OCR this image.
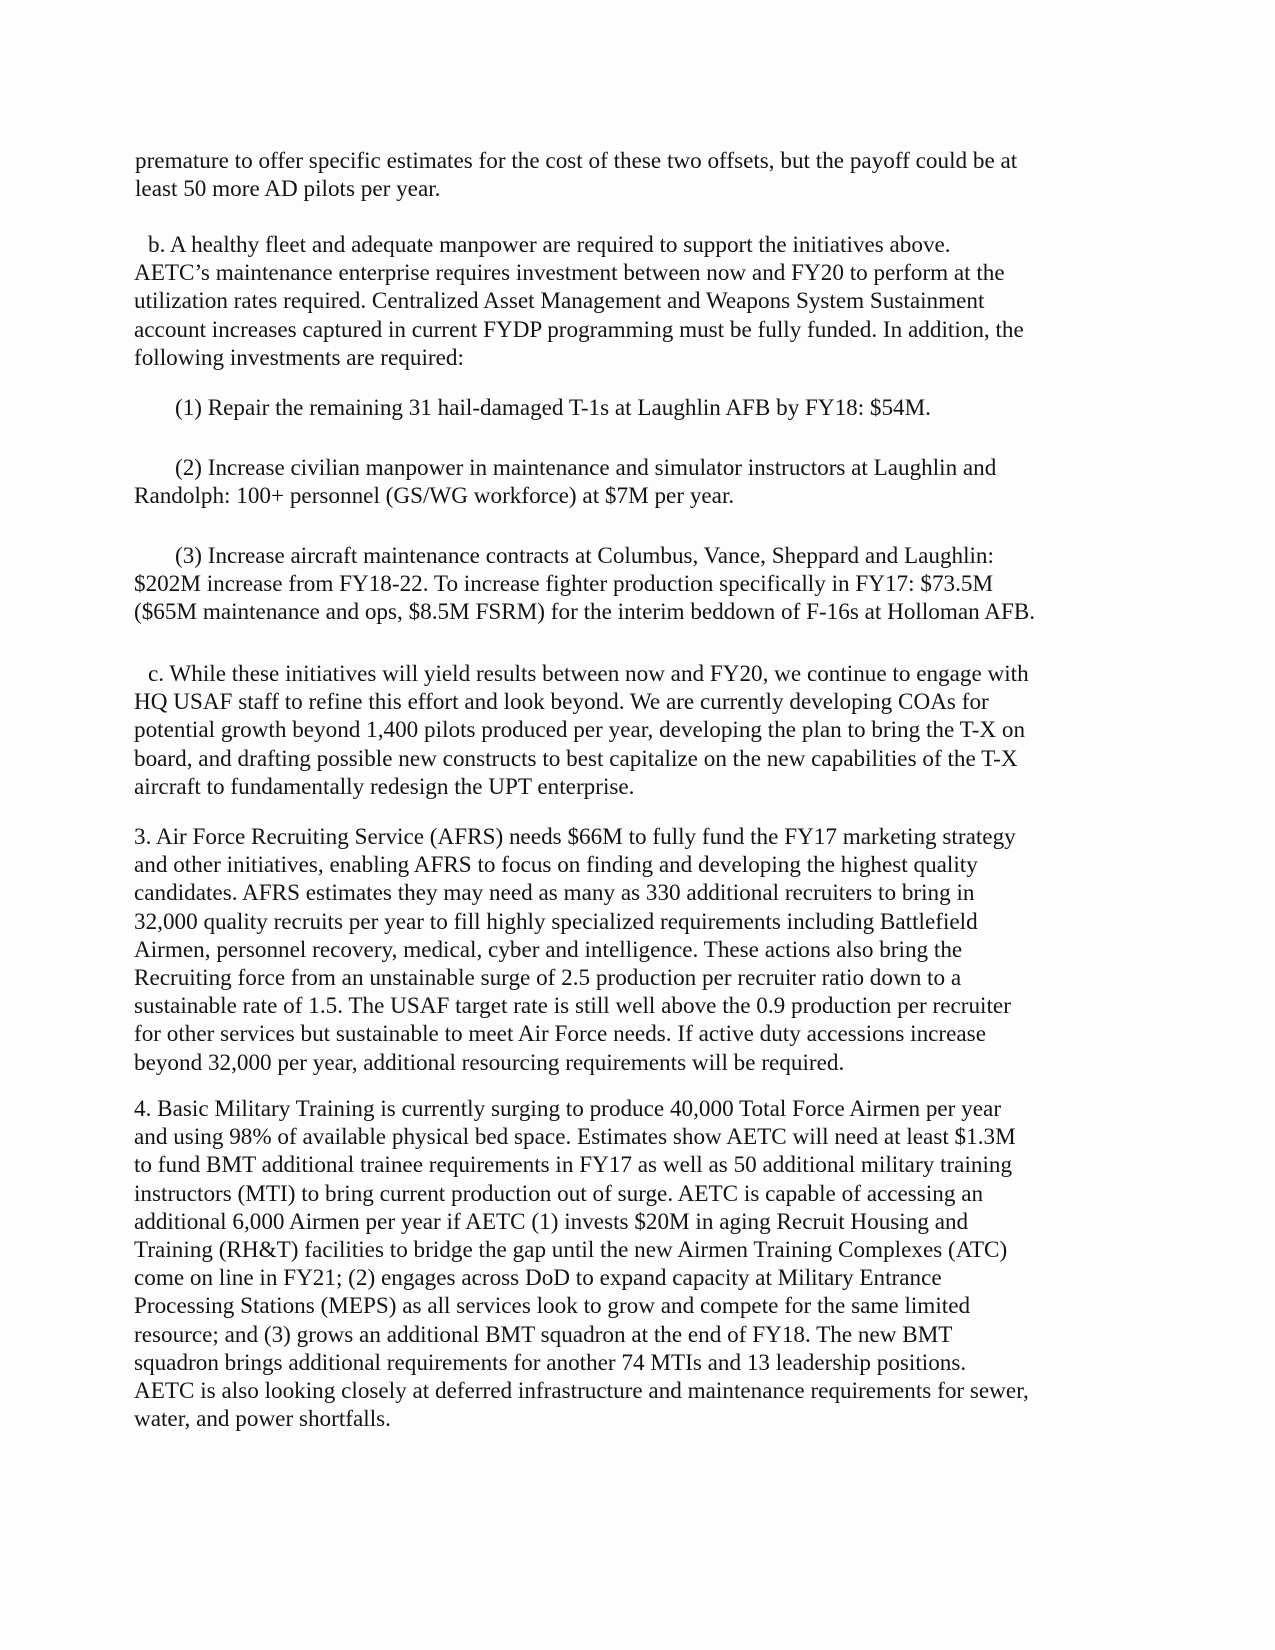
premature to offer specific estimates for the cost of these two offsets, but the payoff could be at
least 50 more AD pilots per year.
b. A healthy fleet and adequate manpower are required to support the initiatives above.
AETC’s maintenance enterprise requires investment between now and FY20 to perform at the
utilization rates required. Centralized Asset Management and Weapons System Sustainment
account increases captured in current FYDP programming must be fully funded. In addition, the
following investments are required:
(1) Repair the remaining 31 hail-damaged T-1s at Laughlin AFB by FY18: $54M.
(2) Increase civilian manpower in maintenance and simulator instructors at Laughlin and
Randolph: 100+ personnel (GS/WG workforce) at $7M per year.
(3) Increase aircraft maintenance contracts at Columbus, Vance, Sheppard and Laughlin:
$202M increase from FY18-22. To increase fighter production specifically in FY17: $73.5M
($65M maintenance and ops, $8.5M FSRM) for the interim beddown of F-16s at Holloman AFB.
c. While these initiatives will yield results between now and FY20, we continue to engage with
HQ USAF staff to refine this effort and look beyond. We are currently developing COAs for
potential growth beyond 1,400 pilots produced per year, developing the plan to bring the T-X on
board, and drafting possible new constructs to best capitalize on the new capabilities of the T-X
aircraft to fundamentally redesign the UPT enterprise.
3. Air Force Recruiting Service (AFRS) needs $66M to fully fund the FY17 marketing strategy
and other initiatives, enabling AFRS to focus on finding and developing the highest quality
candidates. AFRS estimates they may need as many as 330 additional recruiters to bring in
32,000 quality recruits per year to fill highly specialized requirements including Battlefield
Airmen, personnel recovery, medical, cyber and intelligence. These actions also bring the
Recruiting force from an unstainable surge of 2.5 production per recruiter ratio down to a
sustainable rate of 1.5. The USAF target rate is still well above the 0.9 production per recruiter
for other services but sustainable to meet Air Force needs. If active duty accessions increase
beyond 32,000 per year, additional resourcing requirements will be required.
4. Basic Military Training is currently surging to produce 40,000 Total Force Airmen per year
and using 98% of available physical bed space. Estimates show AETC will need at least $1.3M
to fund BMT additional trainee requirements in FY17 as well as 50 additional military training
instructors (MTI) to bring current production out of surge. AETC is capable of accessing an
additional 6,000 Airmen per year if AETC (1) invests $20M in aging Recruit Housing and
Training (RH&T) facilities to bridge the gap until the new Airmen Training Complexes (ATC)
come on line in FY21; (2) engages across DoD to expand capacity at Military Entrance
Processing Stations (MEPS) as all services look to grow and compete for the same limited
resource; and (3) grows an additional BMT squadron at the end of FY18. The new BMT
squadron brings additional requirements for another 74 MTIs and 13 leadership positions.
AETC is also looking closely at deferred infrastructure and maintenance requirements for sewer,
water, and power shortfalls.
